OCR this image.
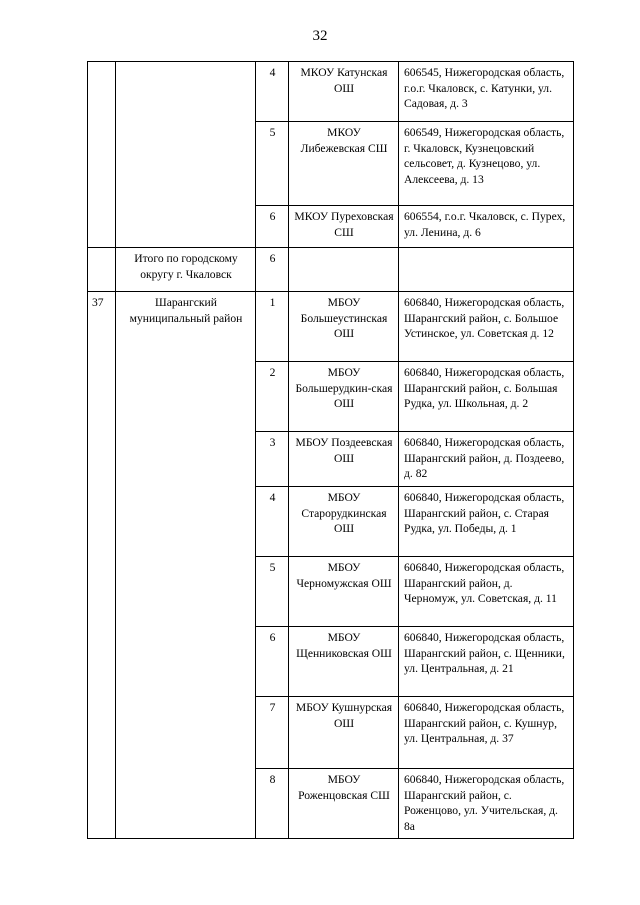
32
		4	МКОУ Катунская ОШ	606545, Нижегородская область, г.о.г. Чкаловск, с. Катунки, ул. Садовая, д. 3
		5	МКОУ Либежевская СШ	606549, Нижегородская область, г. Чкаловск, Кузнецовский сельсовет, д. Кузнецово, ул. Алексеева, д. 13
		6	МКОУ Пуреховская СШ	606554, г.о.г. Чкаловск, с. Пурех, ул. Ленина, д. 6
	Итого по городскому округу г. Чкаловск	6		
37	Шарангский муниципальный район	1	МБОУ Большеустинская ОШ	606840, Нижегородская область, Шарангский район, с. Большое Устинское, ул. Советская д. 12
		2	МБОУ Большерудкин-ская ОШ	606840, Нижегородская область, Шарангский район, с. Большая Рудка, ул. Школьная, д. 2
		3	МБОУ Поздеевская ОШ	606840, Нижегородская область, Шарангский район, д. Поздеево, д. 82
		4	МБОУ Старорудкинская ОШ	606840, Нижегородская область, Шарангский район, с. Старая Рудка, ул. Победы, д. 1
		5	МБОУ Черномужская ОШ	606840, Нижегородская область, Шарангский район, д. Черномуж, ул. Советская, д. 11
		6	МБОУ Щенниковская ОШ	606840, Нижегородская область, Шарангский район, с. Щенники, ул. Центральная, д. 21
		7	МБОУ Кушнурская ОШ	606840, Нижегородская область, Шарангский район, с. Кушнур, ул. Центральная, д. 37
		8	МБОУ Роженцовская СШ	606840, Нижегородская область, Шарангский район, с. Роженцово, ул. Учительская, д. 8а
